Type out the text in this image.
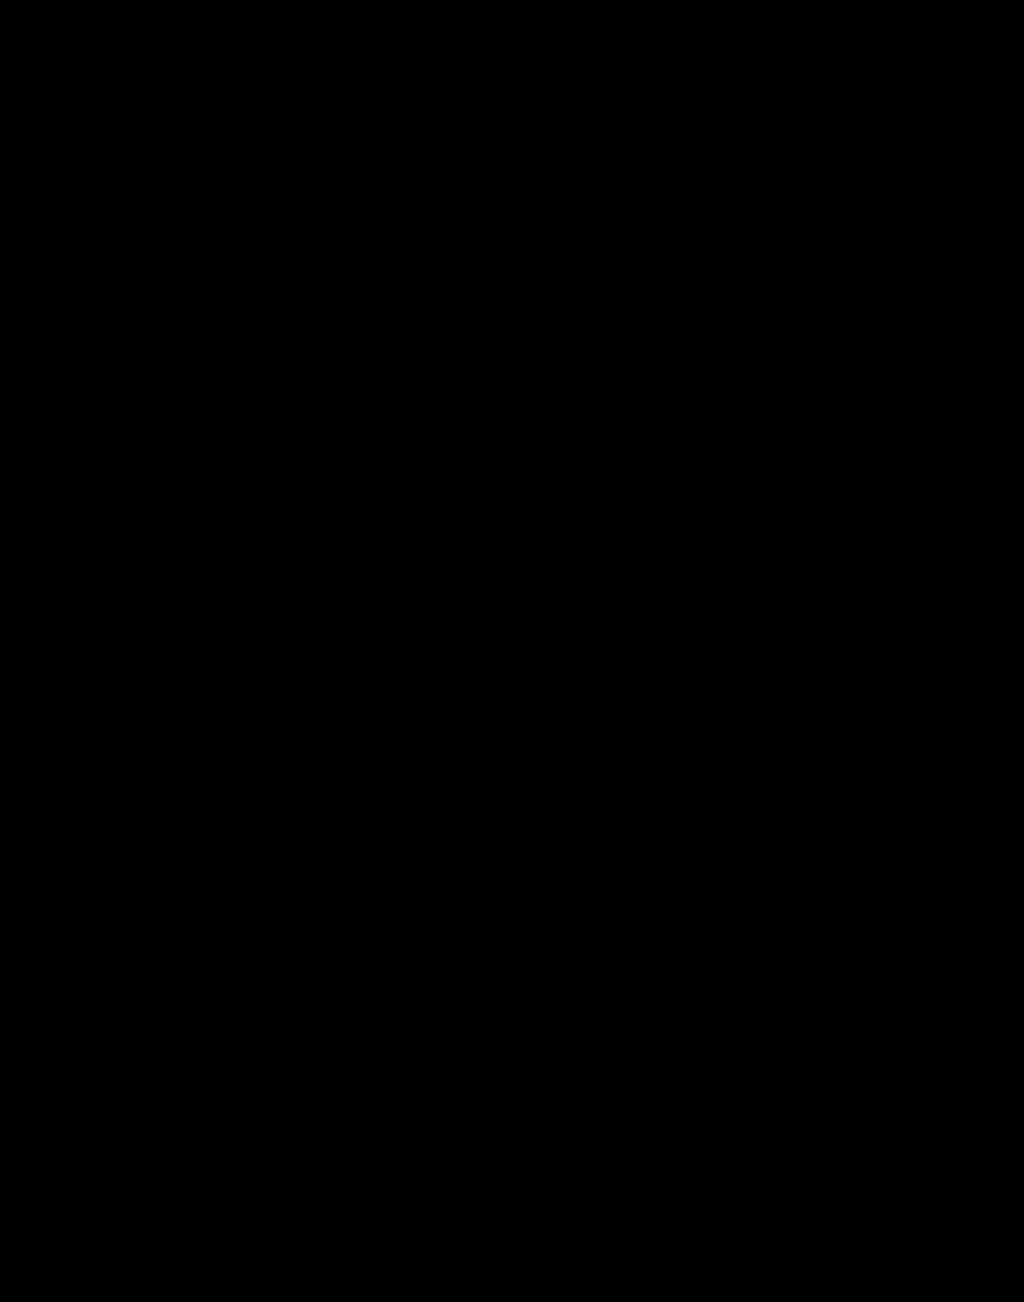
A folyosón néhány gondosan zárt szekrényben régi szerkentyűk. Egyik-
másikon cédula. Leclanché-elem, Kyeldahl-készülék, Du Bois–Raymond féle
szánka, Hutschinson-féle spirometer. Vízmeghajtásos kézi centrifuga. Szövet-
nedvet préselő készülék. Vitálkapacitást mérő – egy vashenger két közön-
séges mérlegsúllyal. Sterilizátorok, órák, egy Edelmann-féle húros galvano-
méter, amivel ma is lehetne elektrokardiogrammot készíteni. Így ránézésre
alig hihető, dehát a professzor mondja. Attól, hogy manapság már elektro-
mos kávédarálót használunk, miért ne lehetne a kávét mozsárban is meg-
törni?
Múzeumnézőben járkálunk a szekrények között. Ezeket a „régiségeket”
a professzor őrizte meg, ugyanavval a gyűjtő mániával, mint minden egyebet.
A múzeum későbbi sorsa egyelőre nem ismeretes. A legkedvesebb darab még-
is a saját gyártmányú ingerlőkészülék. Ez akkoriban, amikor Lissák Kálmán
hazajött Amerikából, a legkorszerűbb volt. Az ötvenes évek elején se volt
korszerűtlen, s ráadásul ritka kincs.
– Tulajdonképpen ki készítette?
– Én. Illetve a dobozát egy asztalos. Csináltam én gimnazista koromban
telepes rádiót is, ez se volt sokkal nehezebb.
Elég csúnya barna doboz, rá van írva: 110 V, aztán az egyik lyukhoz:
Föld, aztán a többi lyukhoz pedig – az elektródákéihoz – pluszok meg mínu-
szok vannak akkurátusan ráfestve. Kondenzátorsorozat, néhány ellenállás, egy
régimódi – talán egy öreg rádióról leszerelt – gomb, amivel az ingerlést sza-
bályozták: állítólag ennyi az egész. Egy világszínvonalú tudomány születésé-
nek tanúja. Aktív tanúja. Itt ül egy szekrény aljában és várja, hogy történjék
vele valami.
– Ön nemegyszer kinn maradhatott volna külföldön. Hívták is. Ott bizo-
nyára nem kellett volna sajátkezűleg műszert fabrikálnia. Miért maradt itt-
hon?
– Ez nagyon egyszerű, csak nehéz megfogalmazni. Fellengzős lenne. Itt
kell lennem, itt vagyok.
– Azt tartja, hogy a tudós helyhez kötött?
– Nem, dehogy. Rengeteg példa van az ellenkezőjére. Szentgyörgyi, Bé-
kési és a többiek. Egy részük zsidó volt, muszáj volt elmenekülniük. Máso-
kat másvalami űzött el. Nagy emberek lettek. Kétségtelen, hogy minél nehe-
zebb körülmények közé kerül az ember, annál jobban nekidurálja magát. Per-
sze, a háttér is... Magyarországon miért nem lehettek régebben igazi nagy
tudós iskolák? Volt idő, amikor majdnem ugyanannyian beszéltek magyarul,
mint angolul! Az angol arisztokrácia azonban számolt a realitásokkal, neki-
állt kereskedni, dolgozni. Itt ez szégyen volt egy magyar úrnak. Így aztán né-
hány kivételtől eltekintve... Ma is sokmindenben el vagyunk maradva. Nin-
csenek műszereink, pedig ezek ma már nélkülözhetetlenek. Hiába van jó or-
vosi műszergyártásunk, a kutatás műszereit csak külföldről tudjuk beszerez-
ni... Ezért aggódom az alapkutatásokért. Úgy tűnik, hogy drága dolog. Le
lehet spórolni a pénzt. Holott az alapkutatás létkérdés. Amerikában se hitték
el, erre sajnálták leginkább a pénzt. Mikor aztán a szovjetek föllőtték Gaga-
rint, összeomlottak. Drasztikusan derült ki, hogy az alapkutatásokon nem le-
het spórolni. Attól fogva ott jelentős támogatást kapnak az alapkutatások.
– Rábízná a világ sorsát a tudósokra?
– Országot vezetni egész más dolog, mint kutatni. Mégha egy tudós
737
